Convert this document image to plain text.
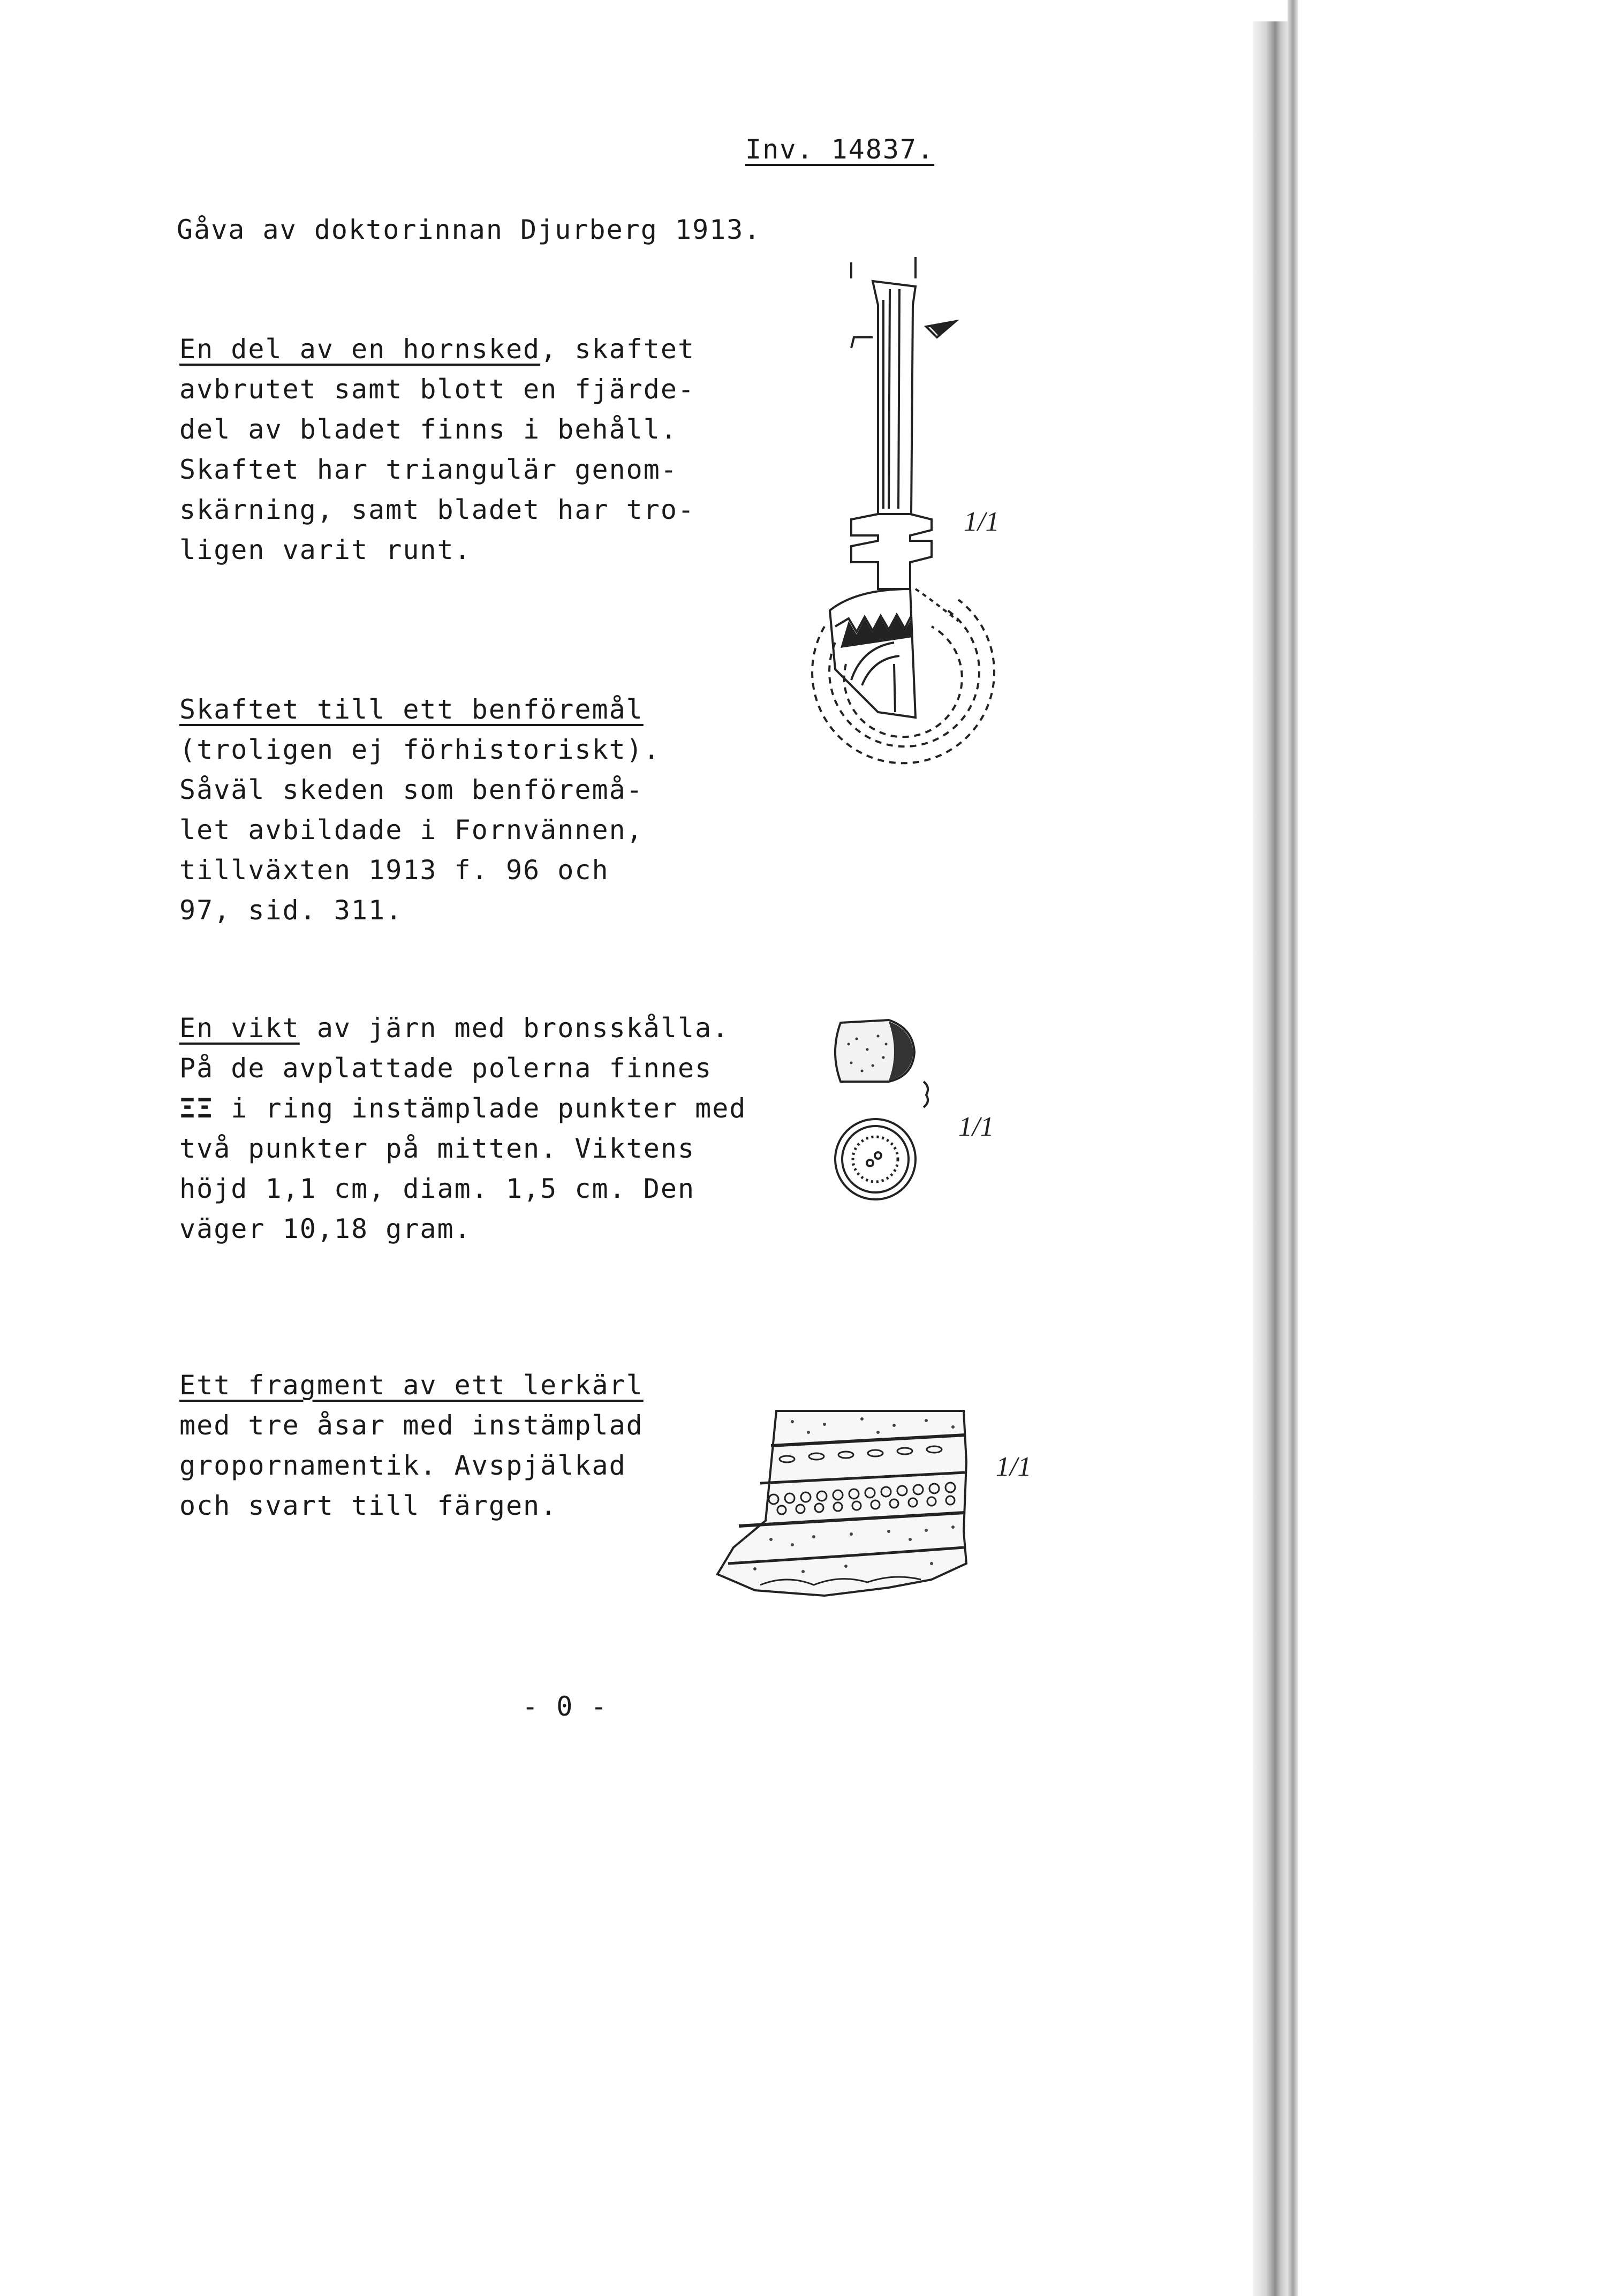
Inv. 14837.
Gåva av doktorinnan Djurberg 1913.
En del av en hornsked, skaftet
avbrutet samt blott en fjärde-
del av bladet finns i behåll.
Skaftet har triangulär genom-
skärning, samt bladet har tro-
ligen varit runt.
1/1
Skaftet till ett benföremål
(troligen ej förhistoriskt).
Såväl skeden som benföremå-
let avbildade i Fornvännen,
tillväxten 1913 f. 96 och
97, sid. 311.
En vikt av järn med bronsskålla.
På de avplattade polerna finnes
ΞΞ i ring instämplade punkter med
två punkter på mitten. Viktens
höjd 1,1 cm, diam. 1,5 cm. Den
väger 10,18 gram.
1/1
Ett fragment av ett lerkärl
med tre åsar med instämplad
gropornamentik. Avspjälkad
och svart till färgen.
1/1
- 0 -
